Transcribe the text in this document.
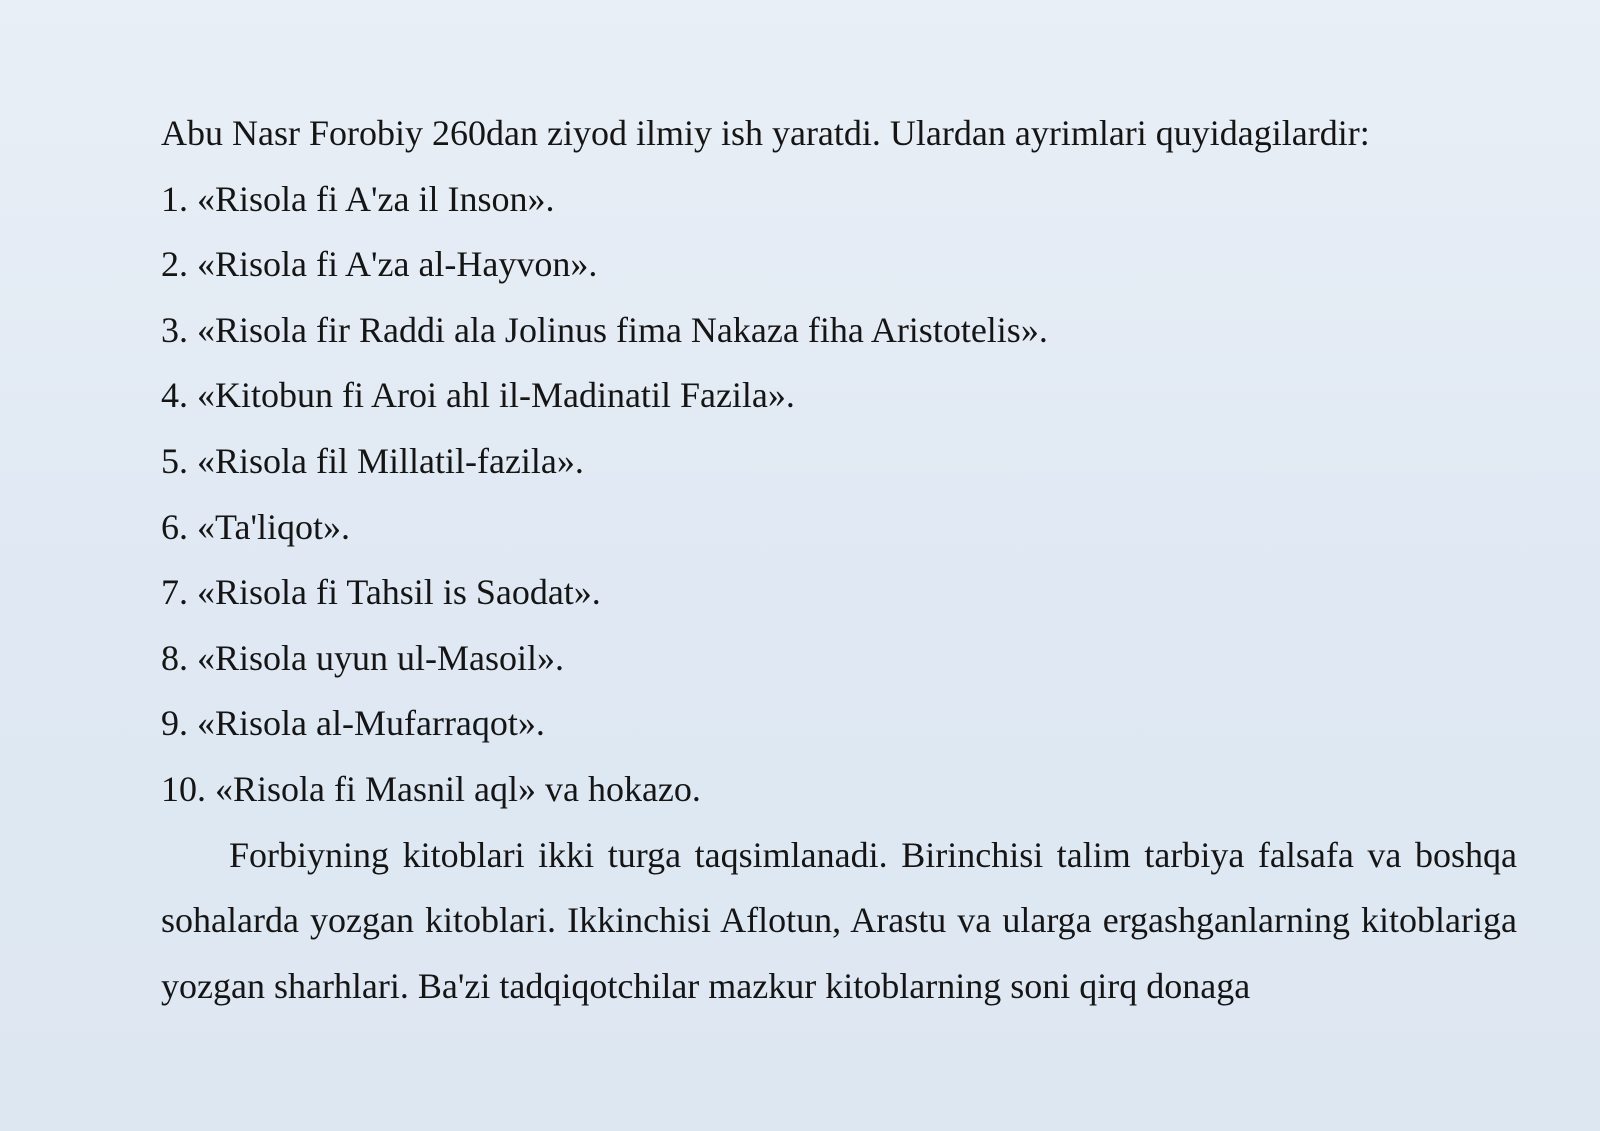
Abu Nasr Forobiy 260dan ziyod ilmiy ish yaratdi. Ulardan ayrimlari quyidagilardir:
1. «Risola fi A'za il Inson».
2. «Risola fi A'za al-Hayvon».
3. «Risola fir Raddi ala Jolinus fima Nakaza fiha Aristotelis».
4. «Kitobun fi Aroi ahl il-Madinatil Fazila».
5. «Risola fil Millatil-fazila».
6. «Ta'liqot».
7. «Risola fi Tahsil is Saodat».
8. «Risola uyun ul-Masoil».
9. «Risola al-Mufarraqot».
10. «Risola fi Masnil aql» va hokazo.

Forbiyning kitoblari ikki turga taqsimlanadi. Birinchisi talim tarbiya falsafa va boshqa sohalarda yozgan kitoblari. Ikkinchisi Aflotun, Arastu va ularga ergashganlarning kitoblariga yozgan sharhlari. Ba'zi tadqiqotchilar mazkur kitoblarning soni qirq donaga
